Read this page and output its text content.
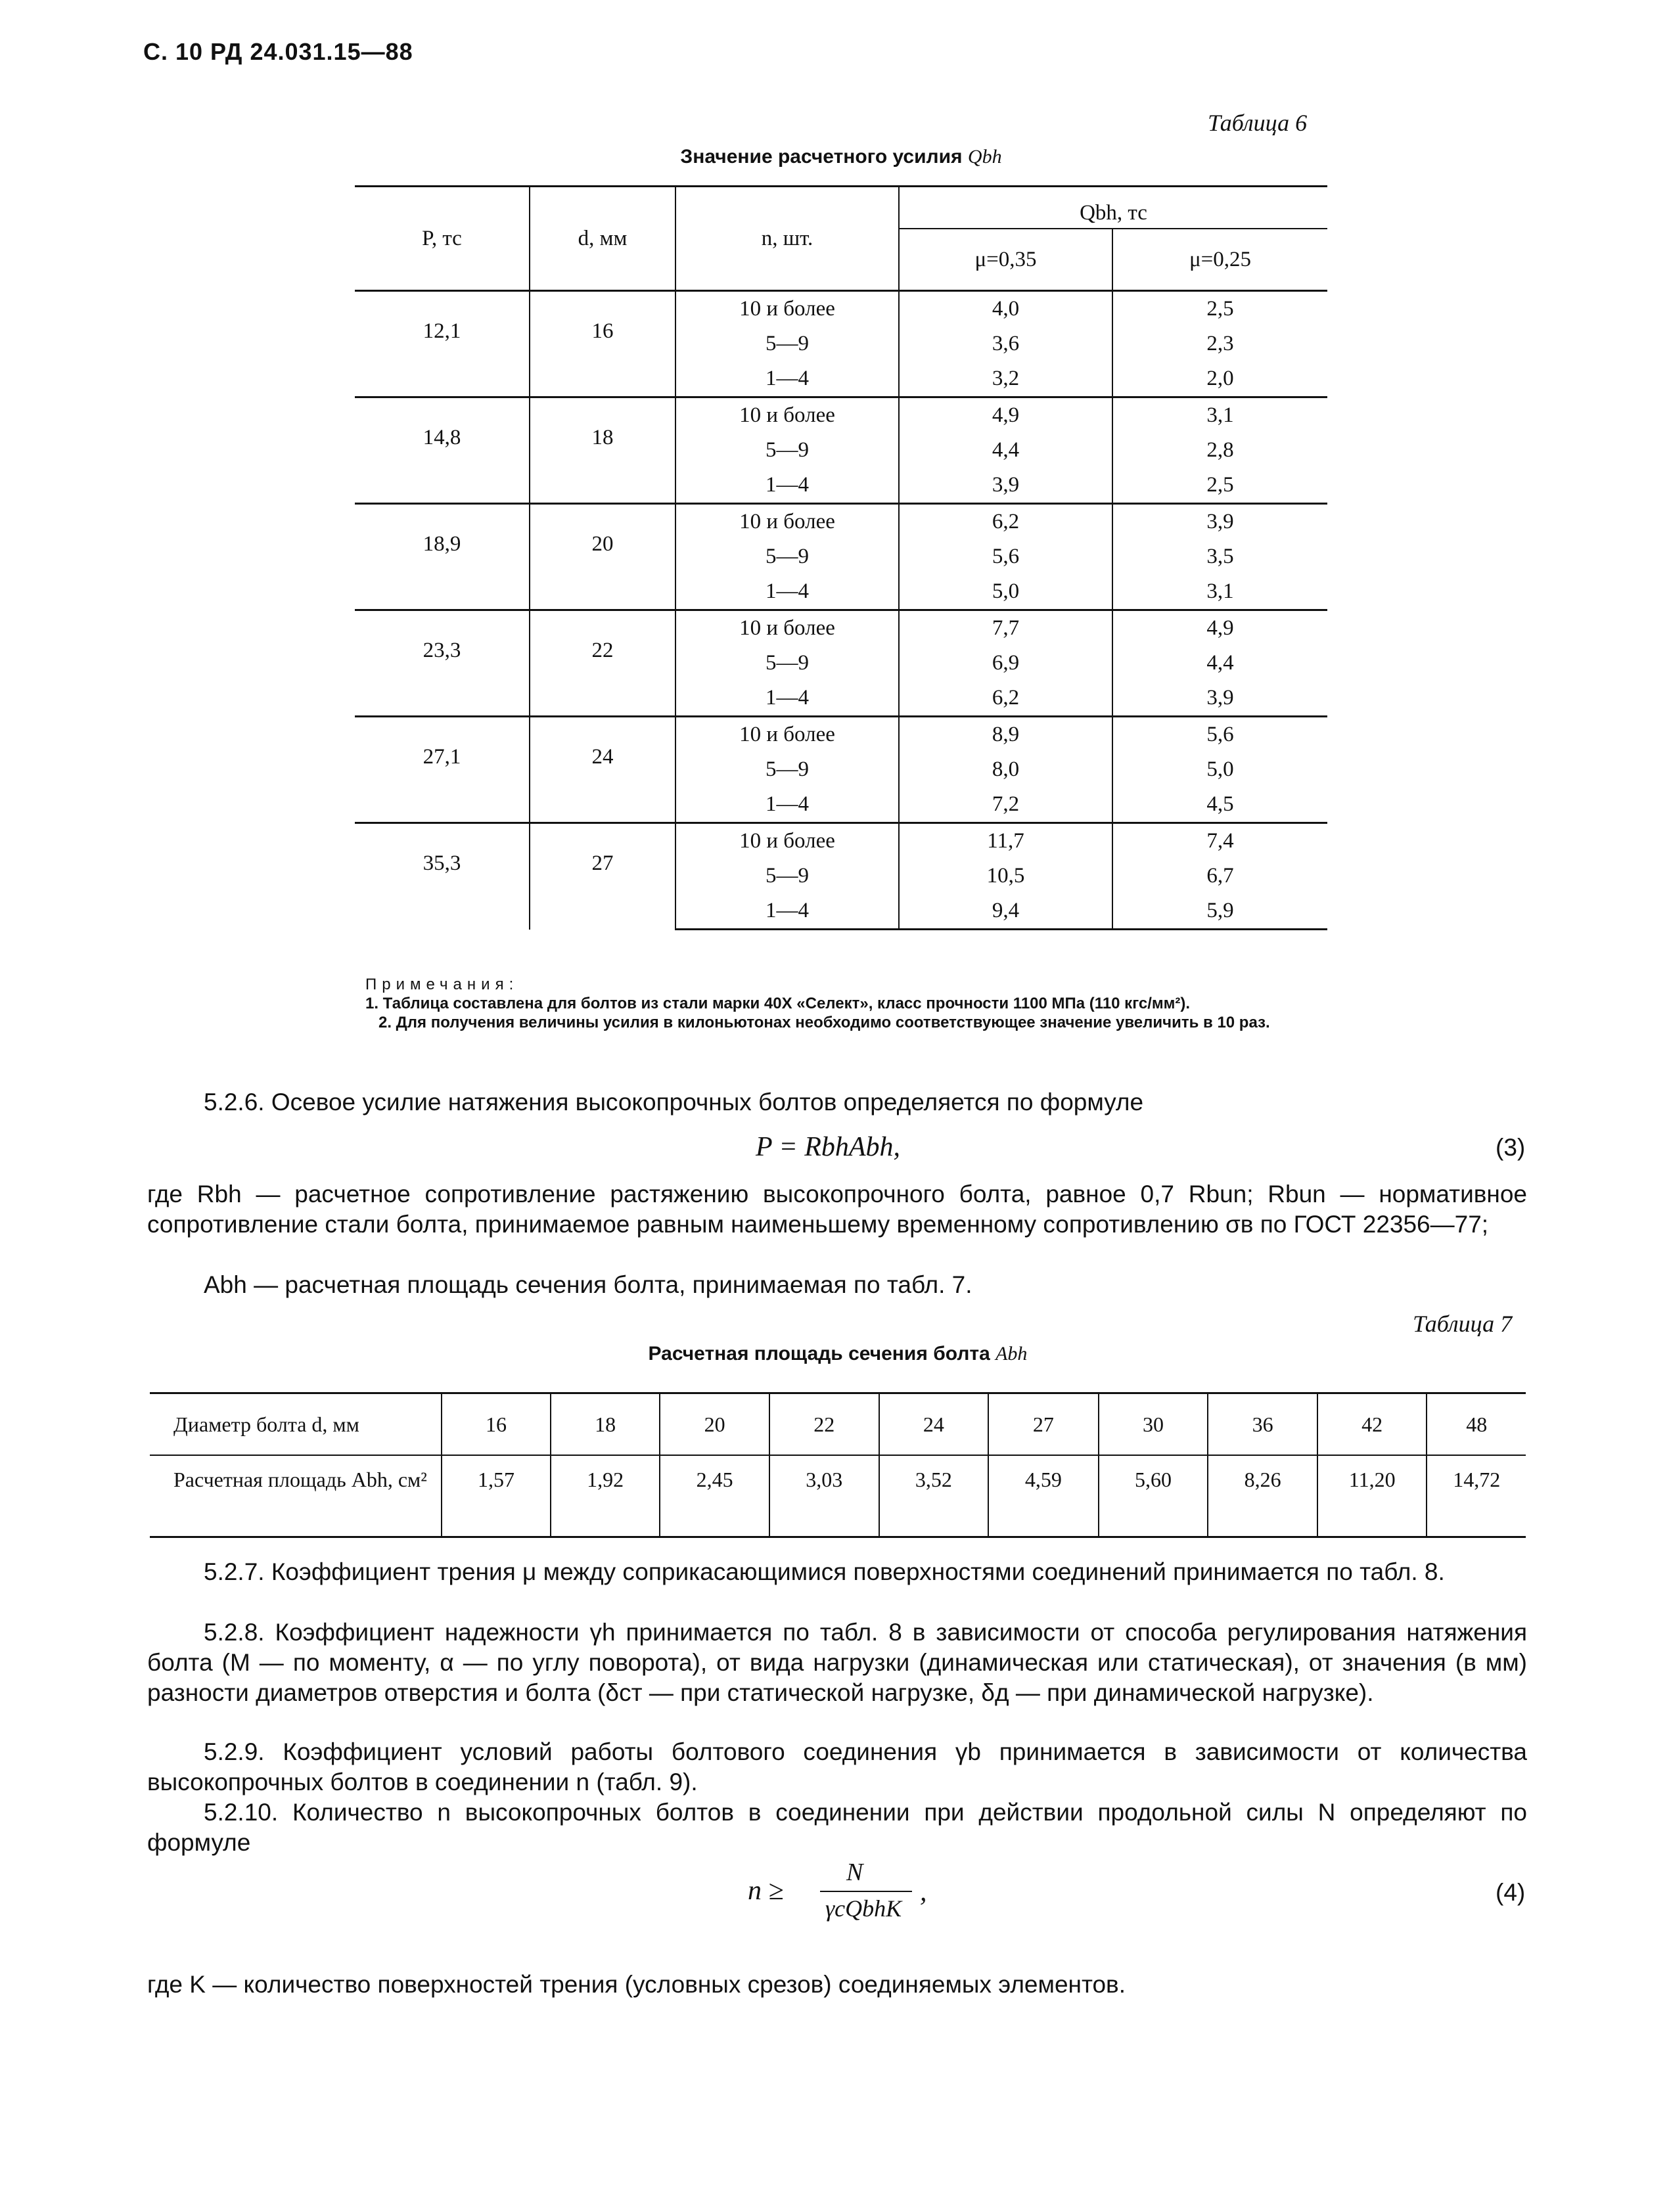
С. 10 РД 24.031.15—88
Таблица 6
Значение расчетного усилия Qbh
P, тс	d, мм	n, шт.	Qbh, тс	
			μ=0,35	μ=0,25
12,1	16	10 и более	4,0	2,5
		5—9	3,6	2,3
		1—4	3,2	2,0
14,8	18	10 и более	4,9	3,1
		5—9	4,4	2,8
		1—4	3,9	2,5
18,9	20	10 и более	6,2	3,9
		5—9	5,6	3,5
		1—4	5,0	3,1
23,3	22	10 и более	7,7	4,9
		5—9	6,9	4,4
		1—4	6,2	3,9
27,1	24	10 и более	8,9	5,6
		5—9	8,0	5,0
		1—4	7,2	4,5
35,3	27	10 и более	11,7	7,4
		5—9	10,5	6,7
		1—4	9,4	5,9
Примечания:
1. Таблица составлена для болтов из стали марки 40Х «Селект», класс прочности 1100 МПа (110 кгс/мм²).
2. Для получения величины усилия в килоньютонах необходимо соответствующее значение увеличить в 10 раз.
5.2.6. Осевое усилие натяжения высокопрочных болтов определяется по формуле
P = RbhAbh,	(3)
где Rbh — расчетное сопротивление растяжению высокопрочного болта, равное 0,7 Rbun; Rbun — нормативное сопротивление стали болта, принимаемое равным наименьшему временному сопротивлению σв по ГОСТ 22356—77;
Abh — расчетная площадь сечения болта, принимаемая по табл. 7.
Таблица 7
Расчетная площадь сечения болта Abh
Диаметр болта d, мм	16	18	20	22	24	27	30	36	42	48
Расчетная площадь Abh, см²	1,57	1,92	2,45	3,03	3,52	4,59	5,60	8,26	11,20	14,72
5.2.7. Коэффициент трения μ между соприкасающимися поверхностями соединений принимается по табл. 8.
5.2.8. Коэффициент надежности γh принимается по табл. 8 в зависимости от способа регулирования натяжения болта (M — по моменту, α — по углу поворота), от вида нагрузки (динамическая или статическая), от значения (в мм) разности диаметров отверстия и болта (δст — при статической нагрузке, δд — при динамической нагрузке).
5.2.9. Коэффициент условий работы болтового соединения γb принимается в зависимости от количества высокопрочных болтов в соединении n (табл. 9).
5.2.10. Количество n высокопрочных болтов в соединении при действии продольной силы N определяют по формуле
n ≥
N
γcQbhK
,	(4)
где K — количество поверхностей трения (условных срезов) соединяемых элементов.
